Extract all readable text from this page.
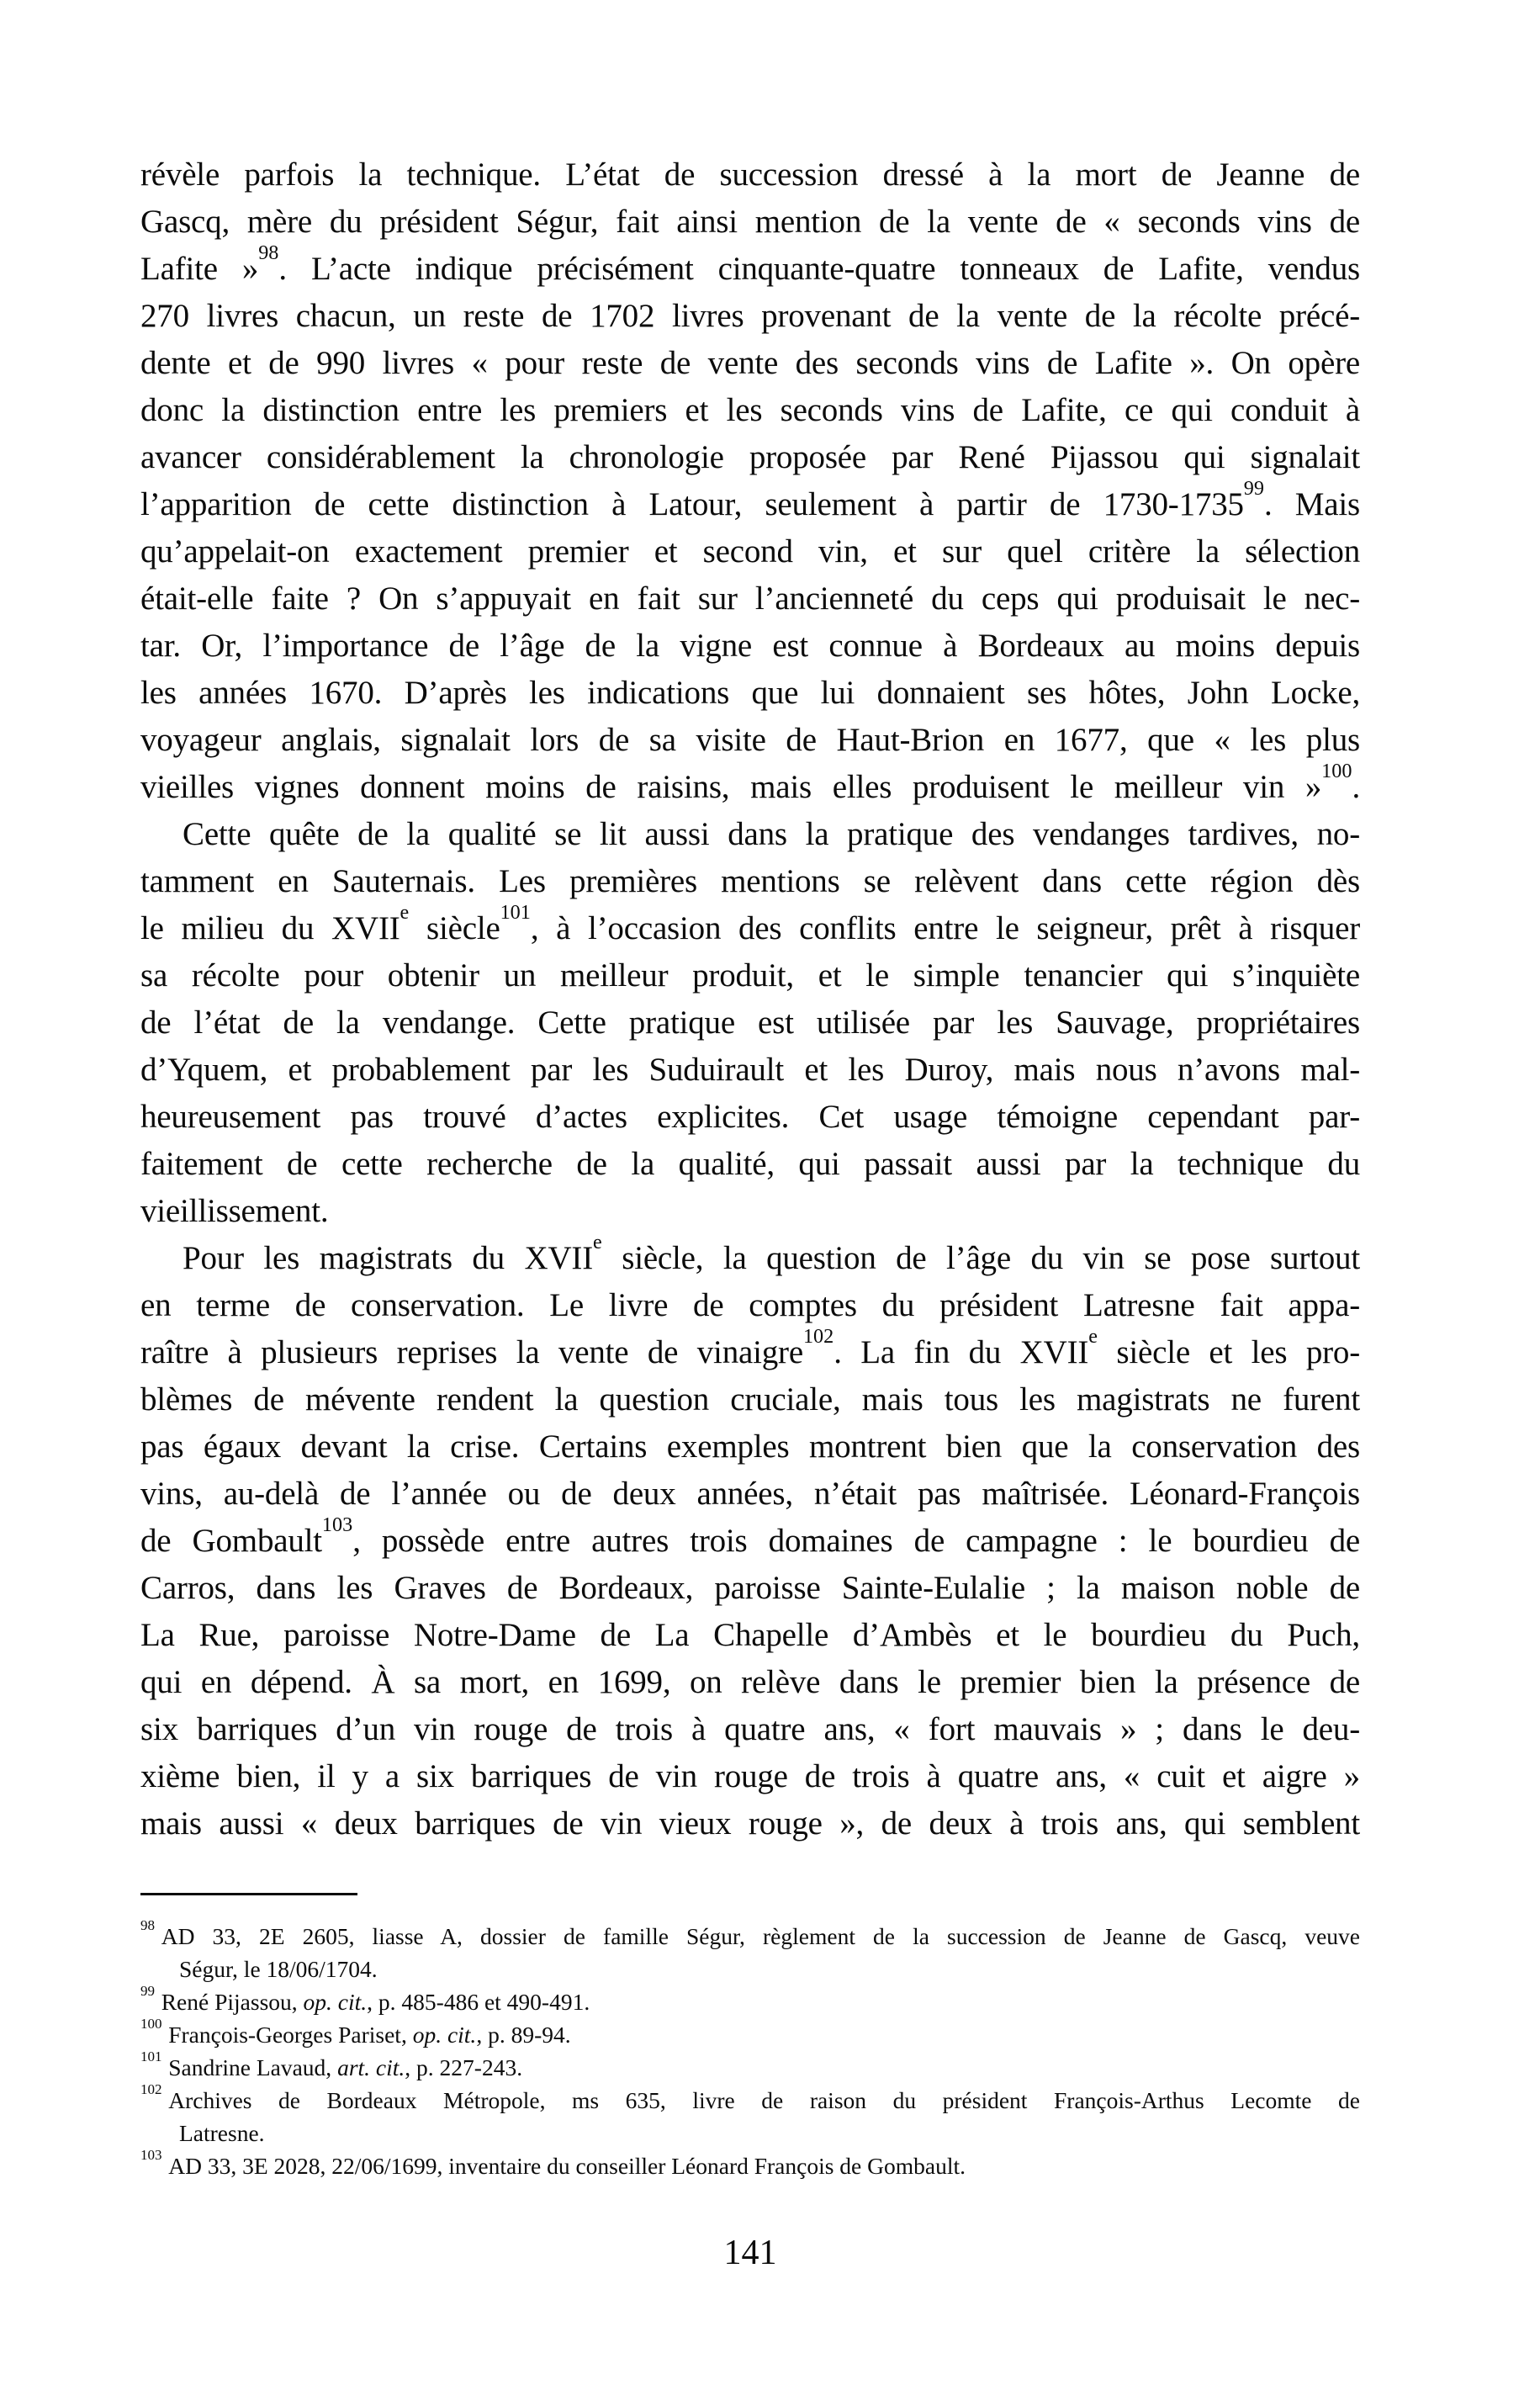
révèle parfois la technique. L’état de succession dressé à la mort de Jeanne de
Gascq, mère du président Ségur, fait ainsi mention de la vente de « seconds vins de
Lafite »$^{98}$. L’acte indique précisément cinquante-quatre tonneaux de Lafite, vendus
270 livres chacun, un reste de 1702 livres provenant de la vente de la récolte précé-
dente et de 990 livres « pour reste de vente des seconds vins de Lafite ». On opère
donc la distinction entre les premiers et les seconds vins de Lafite, ce qui conduit à
avancer considérablement la chronologie proposée par René Pijassou qui signalait
l’apparition de cette distinction à Latour, seulement à partir de 1730-1735$^{99}$. Mais
qu’appelait-on exactement premier et second vin, et sur quel critère la sélection
était-elle faite ? On s’appuyait en fait sur l’ancienneté du ceps qui produisait le nec-
tar. Or, l’importance de l’âge de la vigne est connue à Bordeaux au moins depuis
les années 1670. D’après les indications que lui donnaient ses hôtes, John Locke,
voyageur anglais, signalait lors de sa visite de Haut-Brion en 1677, que « les plus
vieilles vignes donnent moins de raisins, mais elles produisent le meilleur vin »$^{100}$.
Cette quête de la qualité se lit aussi dans la pratique des vendanges tardives, no-
tamment en Sauternais. Les premières mentions se relèvent dans cette région dès
le milieu du XVIIe siècle$^{101}$, à l’occasion des conflits entre le seigneur, prêt à risquer
sa récolte pour obtenir un meilleur produit, et le simple tenancier qui s’inquiète
de l’état de la vendange. Cette pratique est utilisée par les Sauvage, propriétaires
d’Yquem, et probablement par les Suduirault et les Duroy, mais nous n’avons mal-
heureusement pas trouvé d’actes explicites. Cet usage témoigne cependant par-
faitement de cette recherche de la qualité, qui passait aussi par la technique du
vieillissement.
Pour les magistrats du XVIIe siècle, la question de l’âge du vin se pose surtout
en terme de conservation. Le livre de comptes du président Latresne fait appa-
raître à plusieurs reprises la vente de vinaigre$^{102}$. La fin du XVIIe siècle et les pro-
blèmes de mévente rendent la question cruciale, mais tous les magistrats ne furent
pas égaux devant la crise. Certains exemples montrent bien que la conservation des
vins, au-delà de l’année ou de deux années, n’était pas maîtrisée. Léonard-François
de Gombault$^{103}$, possède entre autres trois domaines de campagne : le bourdieu de
Carros, dans les Graves de Bordeaux, paroisse Sainte-Eulalie ; la maison noble de
La Rue, paroisse Notre-Dame de La Chapelle d’Ambès et le bourdieu du Puch,
qui en dépend. À sa mort, en 1699, on relève dans le premier bien la présence de
six barriques d’un vin rouge de trois à quatre ans, « fort mauvais » ; dans le deu-
xième bien, il y a six barriques de vin rouge de trois à quatre ans, « cuit et aigre »
mais aussi « deux barriques de vin vieux rouge », de deux à trois ans, qui semblent
$^{98}$ AD 33, 2E 2605, liasse A, dossier de famille Ségur, règlement de la succession de Jeanne de Gascq, veuve
Ségur, le 18/06/1704.
$^{99}$ René Pijassou, op. cit., p. 485-486 et 490-491.
$^{100}$ François-Georges Pariset, op. cit., p. 89-94.
$^{101}$ Sandrine Lavaud, art. cit., p. 227-243.
$^{102}$ Archives de Bordeaux Métropole, ms 635, livre de raison du président François-Arthus Lecomte de
Latresne.
$^{103}$ AD 33, 3E 2028, 22/06/1699, inventaire du conseiller Léonard François de Gombault.
141
